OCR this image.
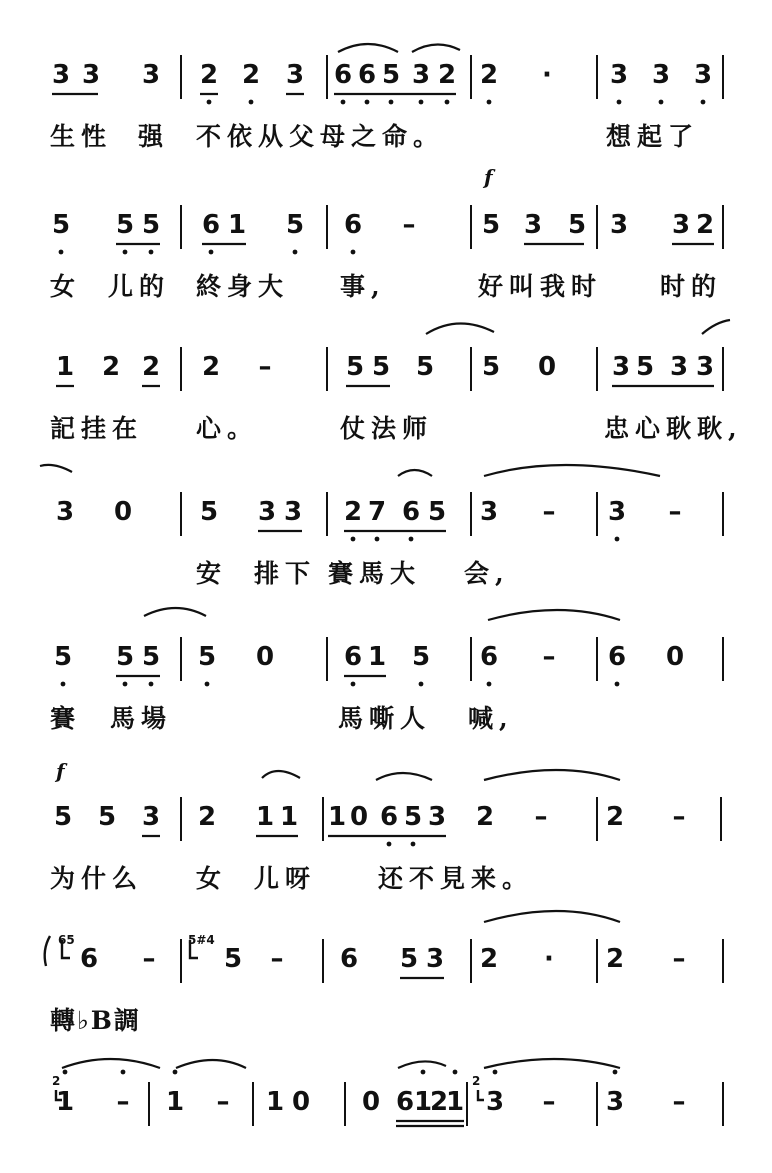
3 3 3 2 2 3 6 6 5 3 2 2 · 3 3 3
生性 强 不依从父母之命。	想起了
f
5 5 5 6 1 5 6 –	5 3 5 3 3 2
女 儿的 終身大 事,	好叫我时 时的
1 2 2 2 –	5 5 5 5 0 3 5 3 3
記挂在 心。	仗法师	忠心耿耿,
3 0	5 3 3 2 7 6 5 3 – 3 –
安 排下 賽馬大 会,
5 5 5 5 0	6 1 5 6 – 6 0
賽 馬場	馬嘶人 喊,
f
5 5 3 2 1 1 1 0 6 5 3 2 – 2 –
为什么 女 儿呀 还不見来。
65
6 –
5#4
5 – 6 5 3 2 · 2 –
轉♭B調
2
1 – 1 – 1 0 0 6 1
2
1
2
3 – 3 –
